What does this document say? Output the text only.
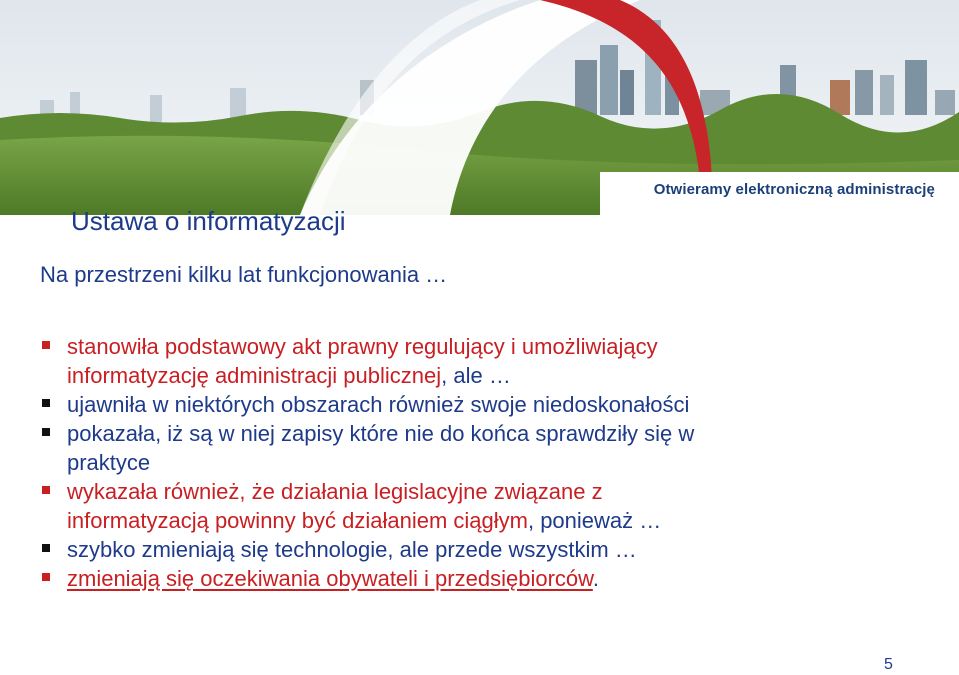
Otwieramy elektroniczną administrację
Ustawa o informatyzacji
Na przestrzeni kilku lat funkcjonowania …
stanowiła podstawowy akt prawny regulujący i umożliwiający
informatyzację administracji publicznej, ale …
ujawniła w niektórych obszarach również swoje niedoskonałości
pokazała, iż są w niej zapisy które nie do końca sprawdziły się w
praktyce
wykazała również, że działania legislacyjne związane z
informatyzacją powinny być działaniem ciągłym, ponieważ …
szybko zmieniają się technologie, ale przede wszystkim …
zmieniają się oczekiwania obywateli i przedsiębiorców.
5
